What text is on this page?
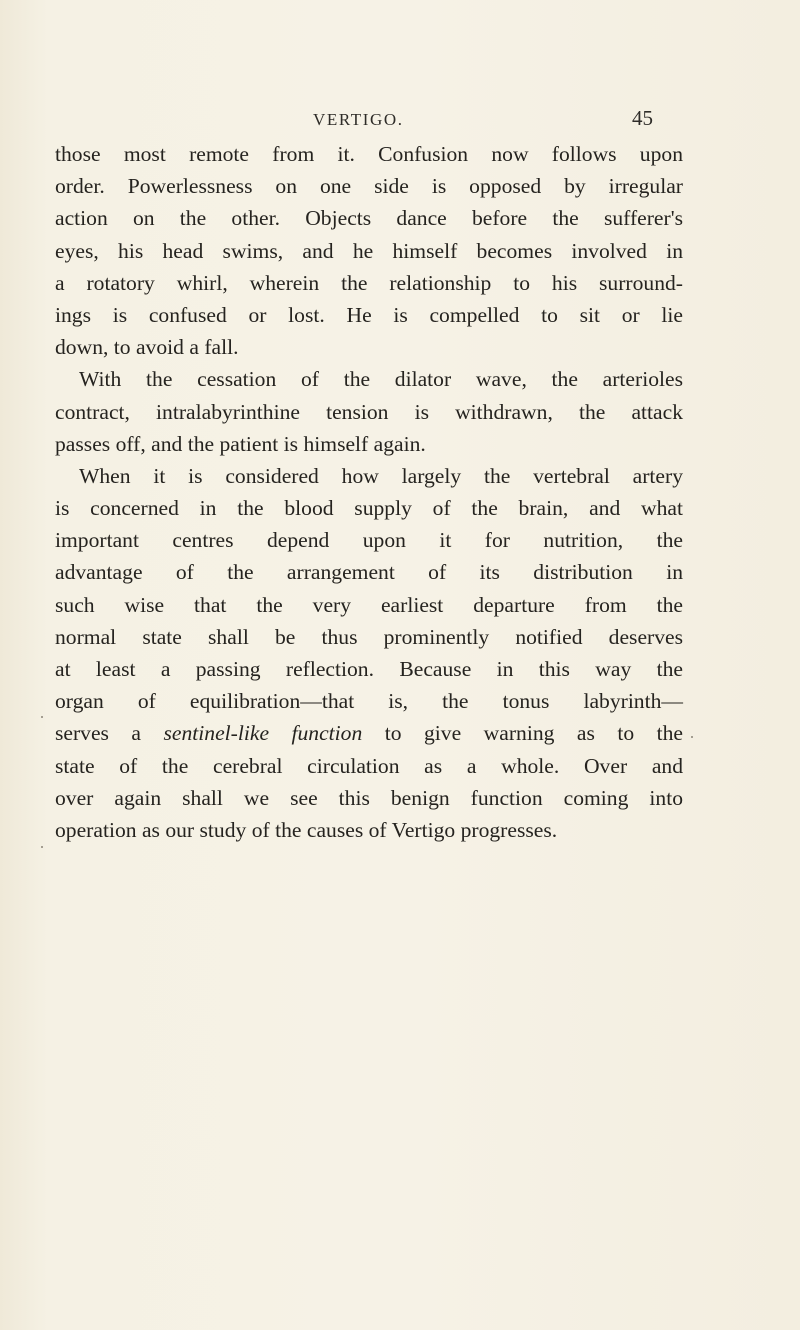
VERTIGO.	45
those most remote from it. Confusion now follows upon
order. Powerlessness on one side is opposed by irregular
action on the other. Objects dance before the sufferer's
eyes, his head swims, and he himself becomes involved in
a rotatory whirl, wherein the relationship to his surround-
ings is confused or lost. He is compelled to sit or lie
down, to avoid a fall.
With the cessation of the dilator wave, the arterioles
contract, intralabyrinthine tension is withdrawn, the attack
passes off, and the patient is himself again.
When it is considered how largely the vertebral artery
is concerned in the blood supply of the brain, and what
important centres depend upon it for nutrition, the
advantage of the arrangement of its distribution in
such wise that the very earliest departure from the
normal state shall be thus prominently notified deserves
at least a passing reflection. Because in this way the
organ of equilibration—that is, the tonus labyrinth—
serves a sentinel-like function to give warning as to the
state of the cerebral circulation as a whole. Over and
over again shall we see this benign function coming into
operation as our study of the causes of Vertigo progresses.
